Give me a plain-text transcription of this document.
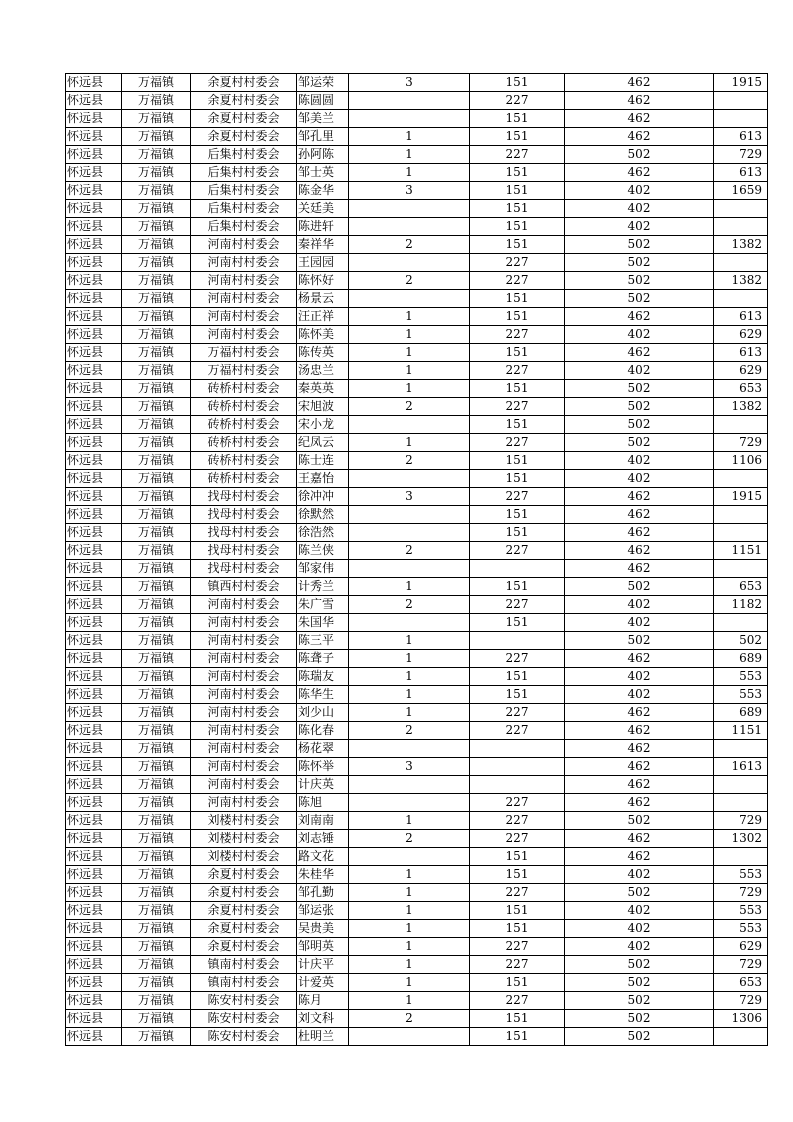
怀远县	万福镇	余夏村村委会	邹运荣	3	151	462	1915
怀远县	万福镇	余夏村村委会	陈圆圆		227	462	
怀远县	万福镇	余夏村村委会	邹美兰		151	462	
怀远县	万福镇	余夏村村委会	邹孔里	1	151	462	613
怀远县	万福镇	后集村村委会	孙阿陈	1	227	502	729
怀远县	万福镇	后集村村委会	邹士英	1	151	462	613
怀远县	万福镇	后集村村委会	陈金华	3	151	402	1659
怀远县	万福镇	后集村村委会	关廷美		151	402	
怀远县	万福镇	后集村村委会	陈进轩		151	402	
怀远县	万福镇	河南村村委会	秦祥华	2	151	502	1382
怀远县	万福镇	河南村村委会	王园园		227	502	
怀远县	万福镇	河南村村委会	陈怀好	2	227	502	1382
怀远县	万福镇	河南村村委会	杨景云		151	502	
怀远县	万福镇	河南村村委会	汪正祥	1	151	462	613
怀远县	万福镇	河南村村委会	陈怀美	1	227	402	629
怀远县	万福镇	万福村村委会	陈传英	1	151	462	613
怀远县	万福镇	万福村村委会	汤忠兰	1	227	402	629
怀远县	万福镇	砖桥村村委会	秦英英	1	151	502	653
怀远县	万福镇	砖桥村村委会	宋旭波	2	227	502	1382
怀远县	万福镇	砖桥村村委会	宋小龙		151	502	
怀远县	万福镇	砖桥村村委会	纪凤云	1	227	502	729
怀远县	万福镇	砖桥村村委会	陈士连	2	151	402	1106
怀远县	万福镇	砖桥村村委会	王嘉怡		151	402	
怀远县	万福镇	找母村村委会	徐冲冲	3	227	462	1915
怀远县	万福镇	找母村村委会	徐默然		151	462	
怀远县	万福镇	找母村村委会	徐浩然		151	462	
怀远县	万福镇	找母村村委会	陈兰侠	2	227	462	1151
怀远县	万福镇	找母村村委会	邹家伟			462	
怀远县	万福镇	镇西村村委会	计秀兰	1	151	502	653
怀远县	万福镇	河南村村委会	朱广雪	2	227	402	1182
怀远县	万福镇	河南村村委会	朱国华		151	402	
怀远县	万福镇	河南村村委会	陈三平	1		502	502
怀远县	万福镇	河南村村委会	陈聋子	1	227	462	689
怀远县	万福镇	河南村村委会	陈瑞友	1	151	402	553
怀远县	万福镇	河南村村委会	陈华生	1	151	402	553
怀远县	万福镇	河南村村委会	刘少山	1	227	462	689
怀远县	万福镇	河南村村委会	陈化春	2	227	462	1151
怀远县	万福镇	河南村村委会	杨花翠			462	
怀远县	万福镇	河南村村委会	陈怀举	3		462	1613
怀远县	万福镇	河南村村委会	计庆英			462	
怀远县	万福镇	河南村村委会	陈旭		227	462	
怀远县	万福镇	刘楼村村委会	刘南南	1	227	502	729
怀远县	万福镇	刘楼村村委会	刘志锤	2	227	462	1302
怀远县	万福镇	刘楼村村委会	路文花		151	462	
怀远县	万福镇	余夏村村委会	朱桂华	1	151	402	553
怀远县	万福镇	余夏村村委会	邹孔勤	1	227	502	729
怀远县	万福镇	余夏村村委会	邹运张	1	151	402	553
怀远县	万福镇	余夏村村委会	吴贵美	1	151	402	553
怀远县	万福镇	余夏村村委会	邹明英	1	227	402	629
怀远县	万福镇	镇南村村委会	计庆平	1	227	502	729
怀远县	万福镇	镇南村村委会	计爱英	1	151	502	653
怀远县	万福镇	陈安村村委会	陈月	1	227	502	729
怀远县	万福镇	陈安村村委会	刘文科	2	151	502	1306
怀远县	万福镇	陈安村村委会	杜明兰		151	502	
